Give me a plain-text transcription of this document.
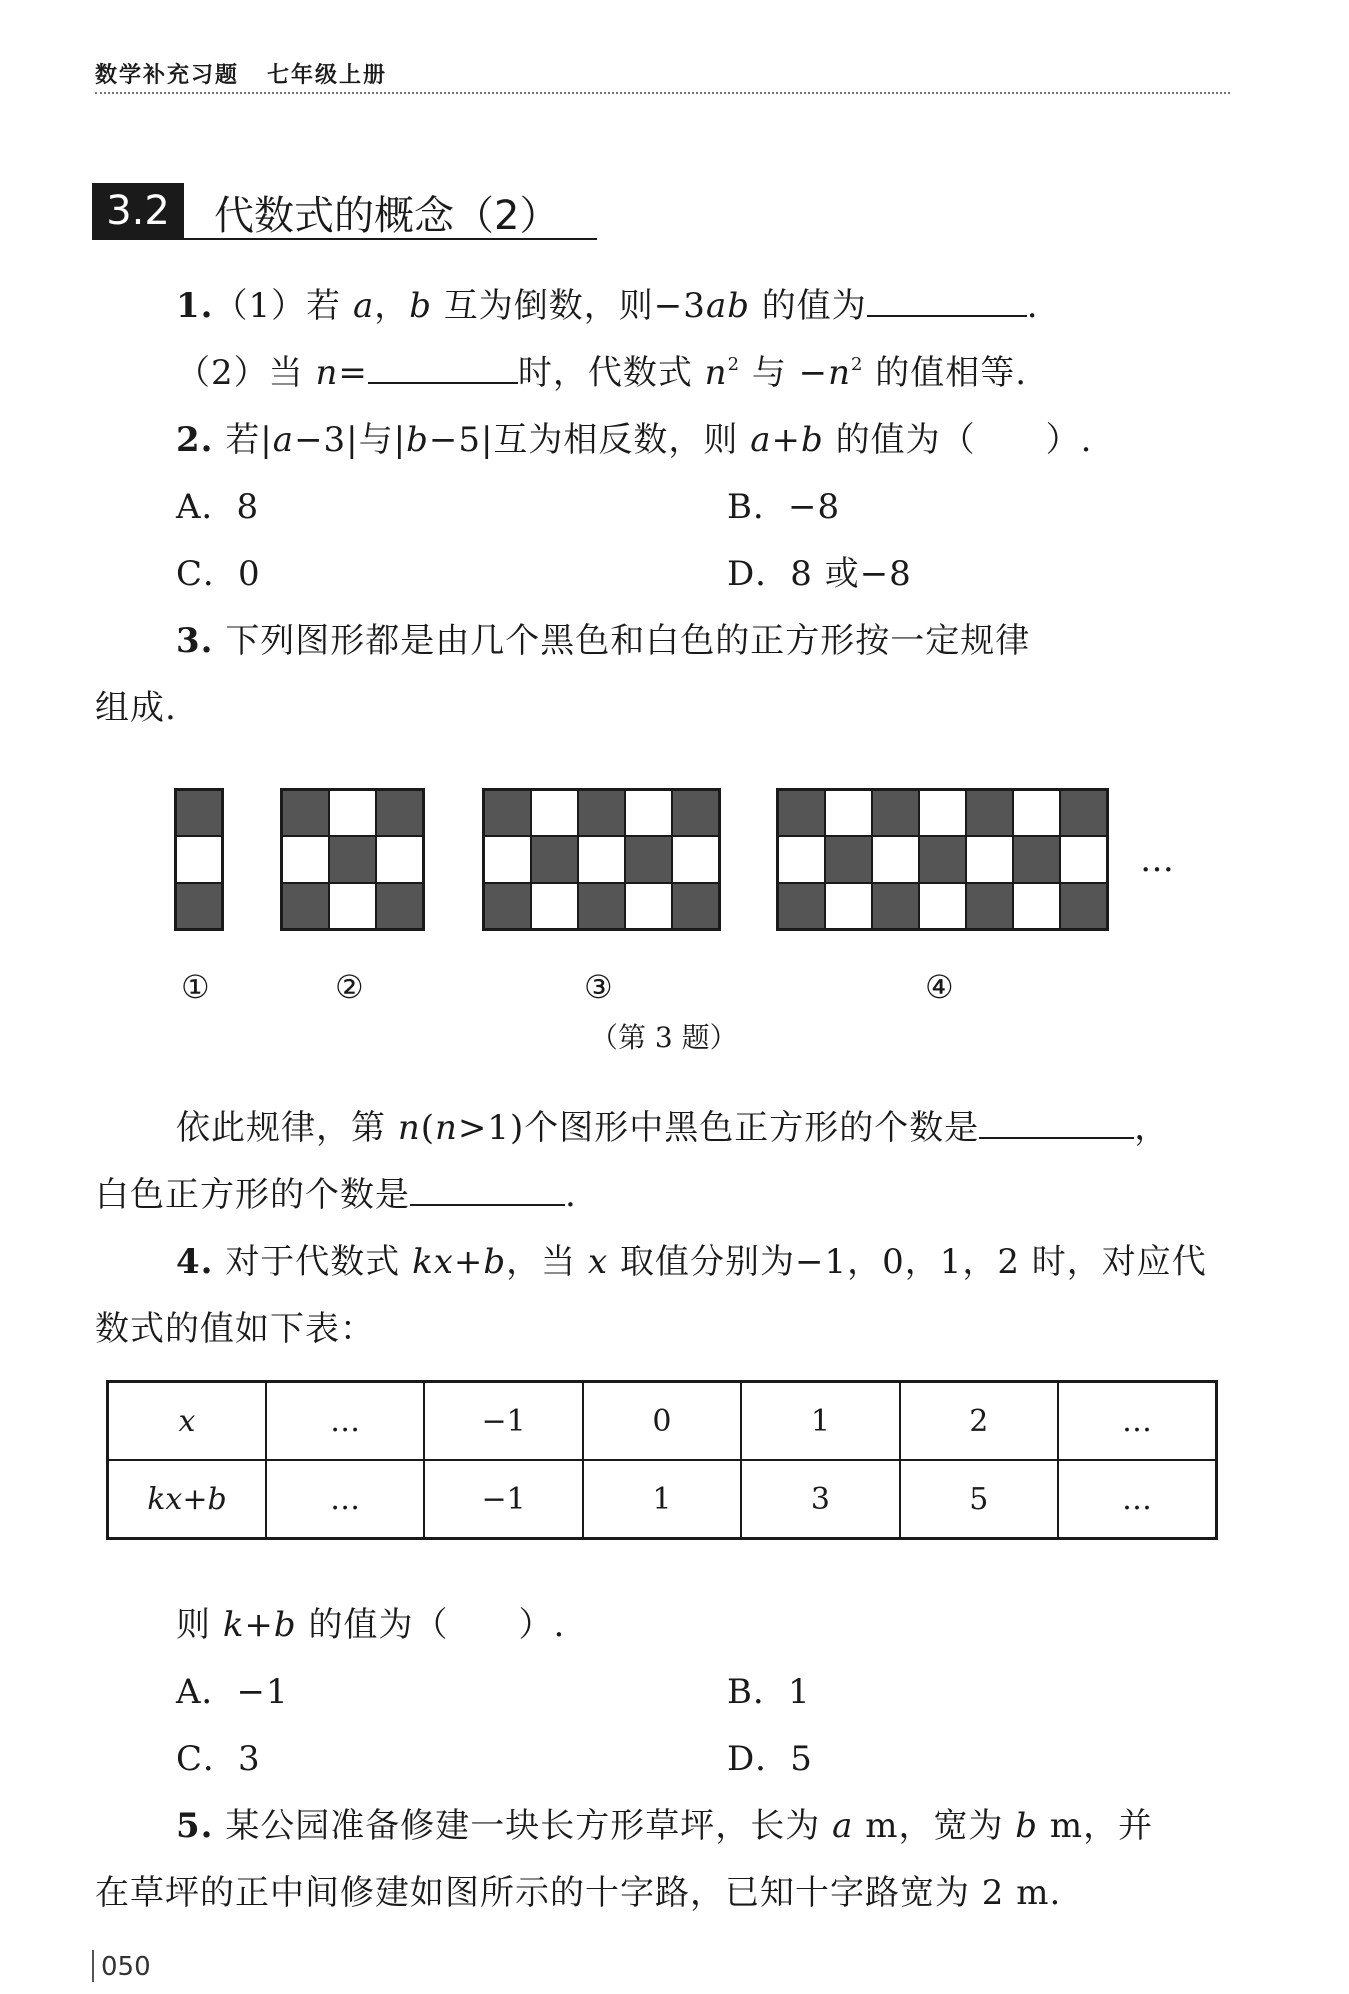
数学补充习题 七年级上册
3.2	代数式的概念（2）
1.（1）若 a，b 互为倒数，则−3ab 的值为	.
（2）当 n=	时，代数式 $n^2$ 与 $-n^2$ 的值相等.
2. 若|a−3|与|b−5|互为相反数，则 a+b 的值为（　　）.
A．8	B．−8
C．0	D．8 或−8
3. 下列图形都是由几个黑色和白色的正方形按一定规律
组成.
…
①	②	③	④
（第 3 题）
依此规律，第 n(n>1)个图形中黑色正方形的个数是	，
白色正方形的个数是	.
4. 对于代数式 kx+b，当 x 取值分别为−1，0，1，2 时，对应代
数式的值如下表：
x	…	−1	0	1	2	…
kx+b	…	−1	1	3	5	…
则 k+b 的值为（　　）.
A．−1	B．1
C．3	D．5
5. 某公园准备修建一块长方形草坪，长为 a m，宽为 b m，并
在草坪的正中间修建如图所示的十字路，已知十字路宽为 2 m.
050
